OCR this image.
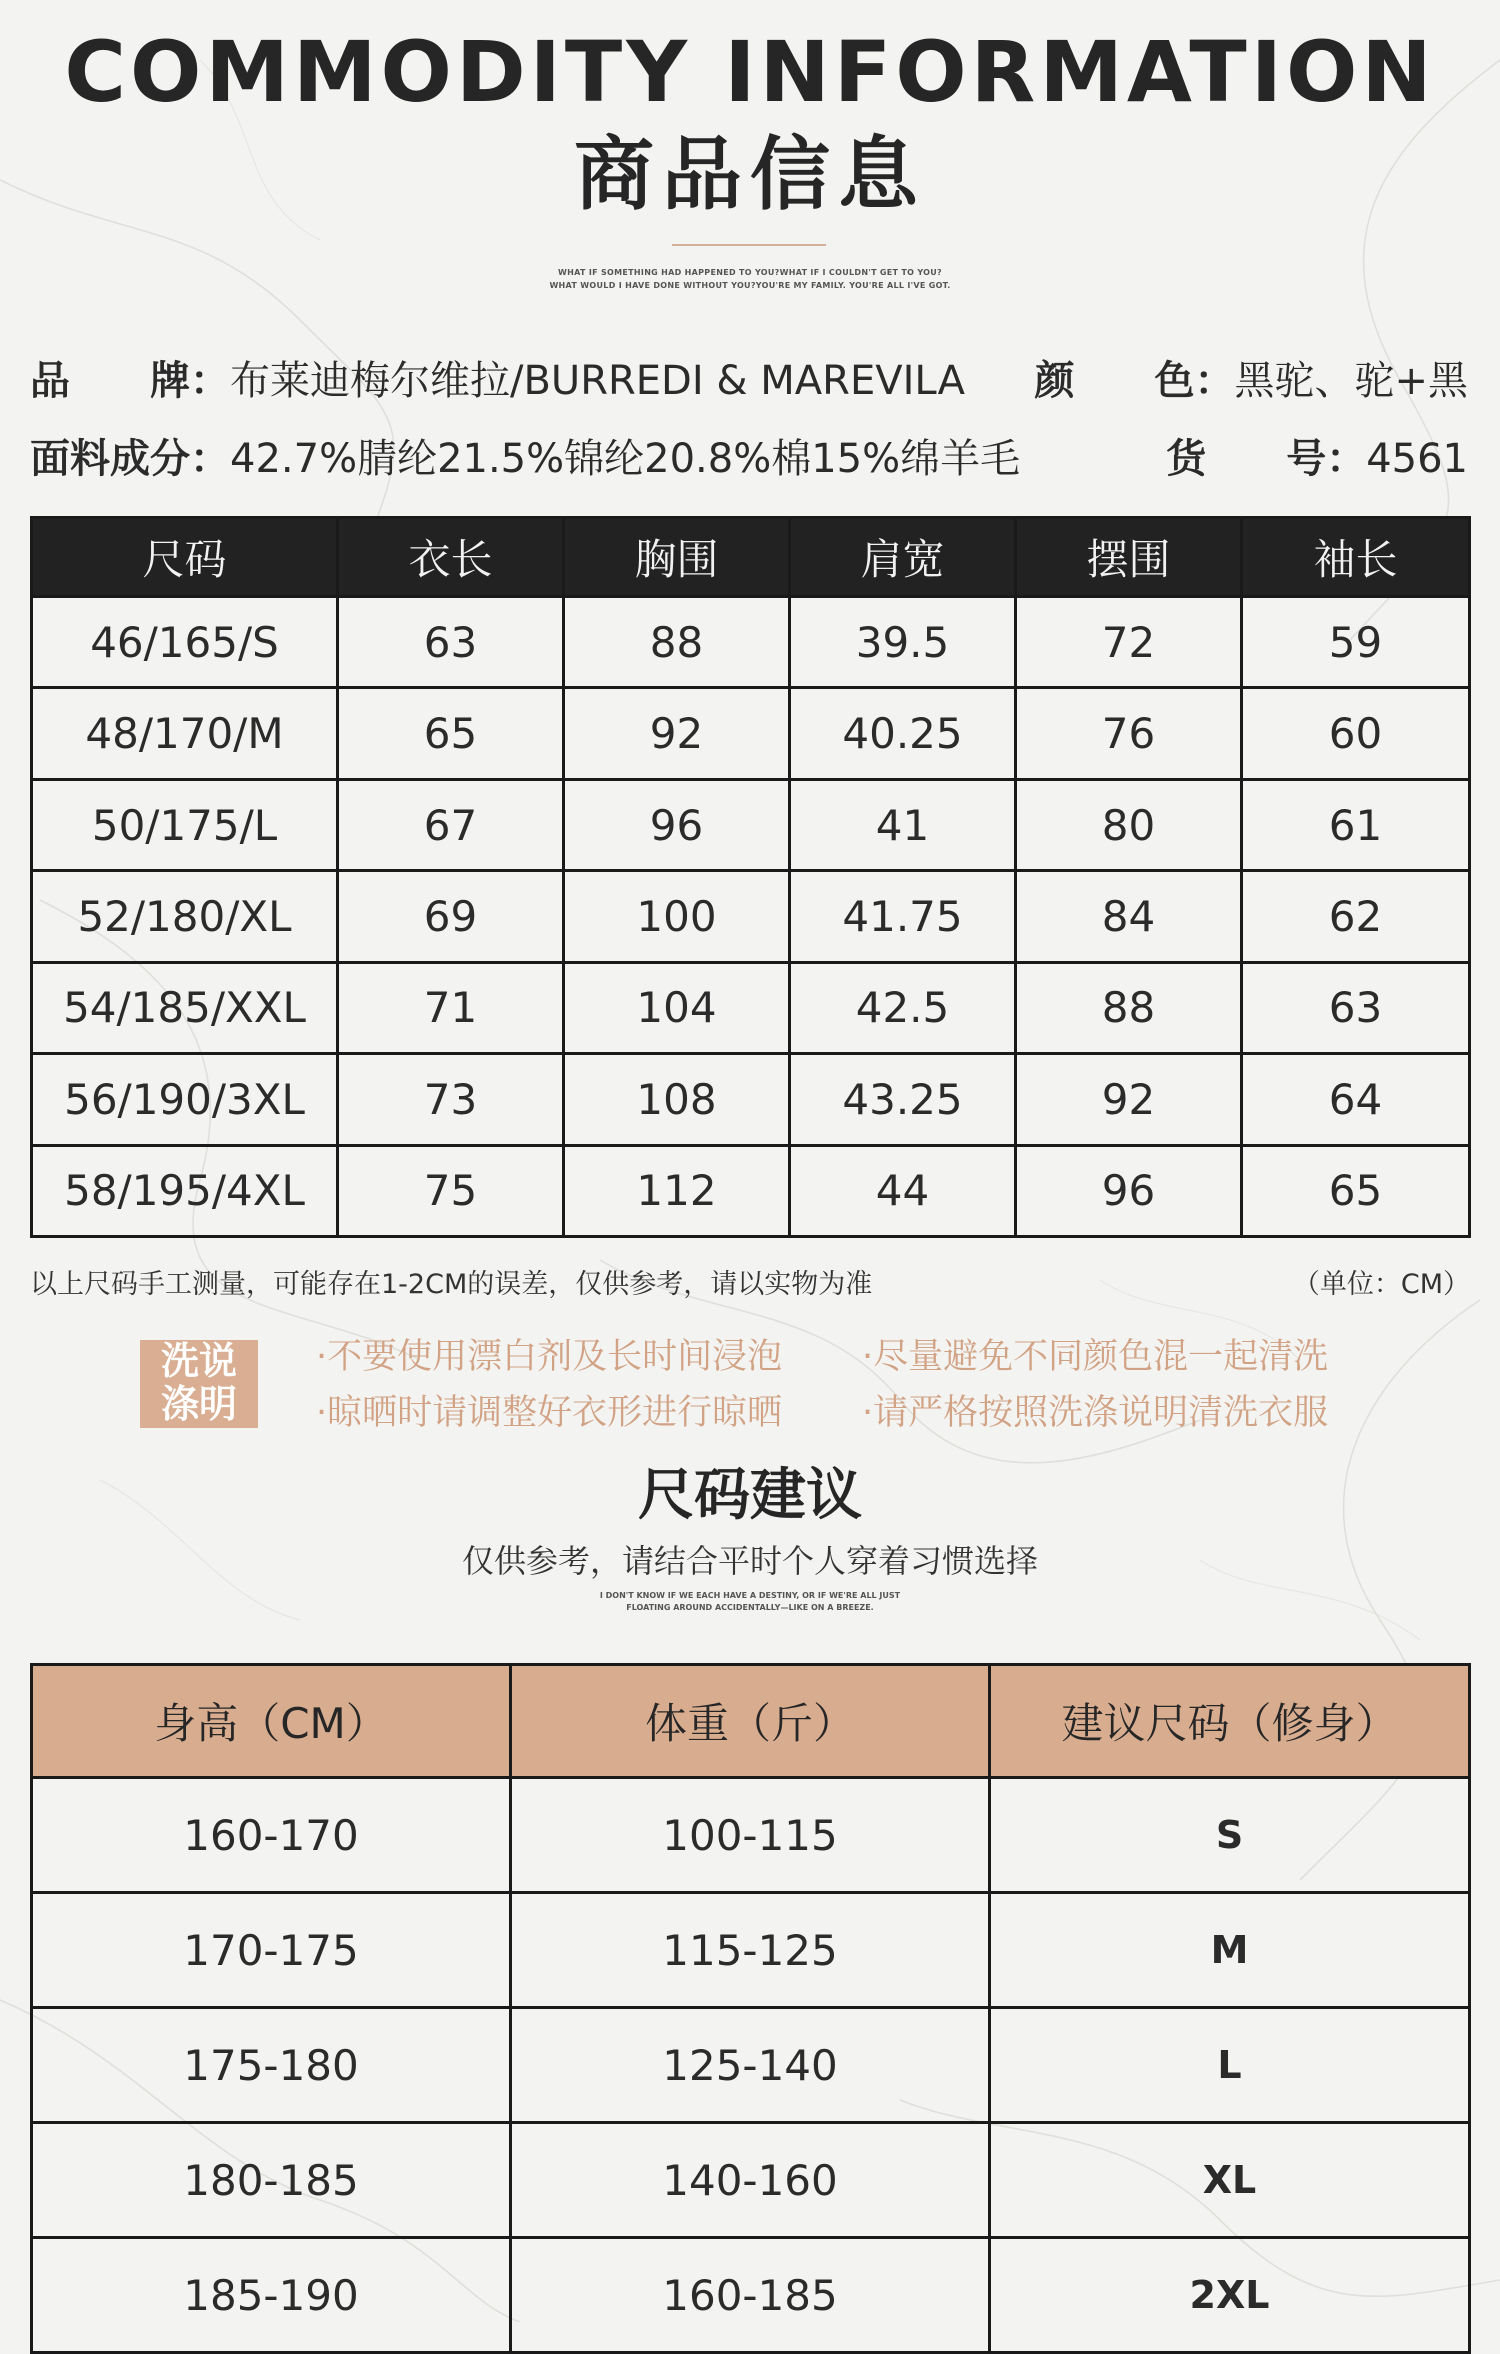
COMMODITY INFORMATION
商品信息
WHAT IF SOMETHING HAD HAPPENED TO YOU?WHAT IF I COULDN'T GET TO YOU?
WHAT WOULD I HAVE DONE WITHOUT YOU?YOU'RE MY FAMILY. YOU'RE ALL I'VE GOT.
品　　牌：布莱迪梅尔维拉/BURREDI & MAREVILA 颜　　色：黑驼、驼+黑
面料成分：42.7%腈纶21.5%锦纶20.8%棉15%绵羊毛	货　　号：4561
尺码	衣长	胸围	肩宽	摆围	袖长
46/165/S	63	88	39.5	72	59
48/170/M	65	92	40.25	76	60
50/175/L	67	96	41	80	61
52/180/XL	69	100	41.75	84	62
54/185/XXL	71	104	42.5	88	63
56/190/3XL	73	108	43.25	92	64
58/195/4XL	75	112	44	96	65
以上尺码手工测量，可能存在1-2CM的误差，仅供参考，请以实物为准	（单位：CM）
洗说
涤明
·不要使用漂白剂及长时间浸泡 ·尽量避免不同颜色混一起清洗
·晾晒时请调整好衣形进行晾晒 ·请严格按照洗涤说明清洗衣服
尺码建议
仅供参考，请结合平时个人穿着习惯选择
I DON'T KNOW IF WE EACH HAVE A DESTINY, OR IF WE'RE ALL JUST
FLOATING AROUND ACCIDENTALLY—LIKE ON A BREEZE.
身高（CM）	体重（斤）	建议尺码（修身）
160-170	100-115	S
170-175	115-125	M
175-180	125-140	L
180-185	140-160	XL
185-190	160-185	2XL
